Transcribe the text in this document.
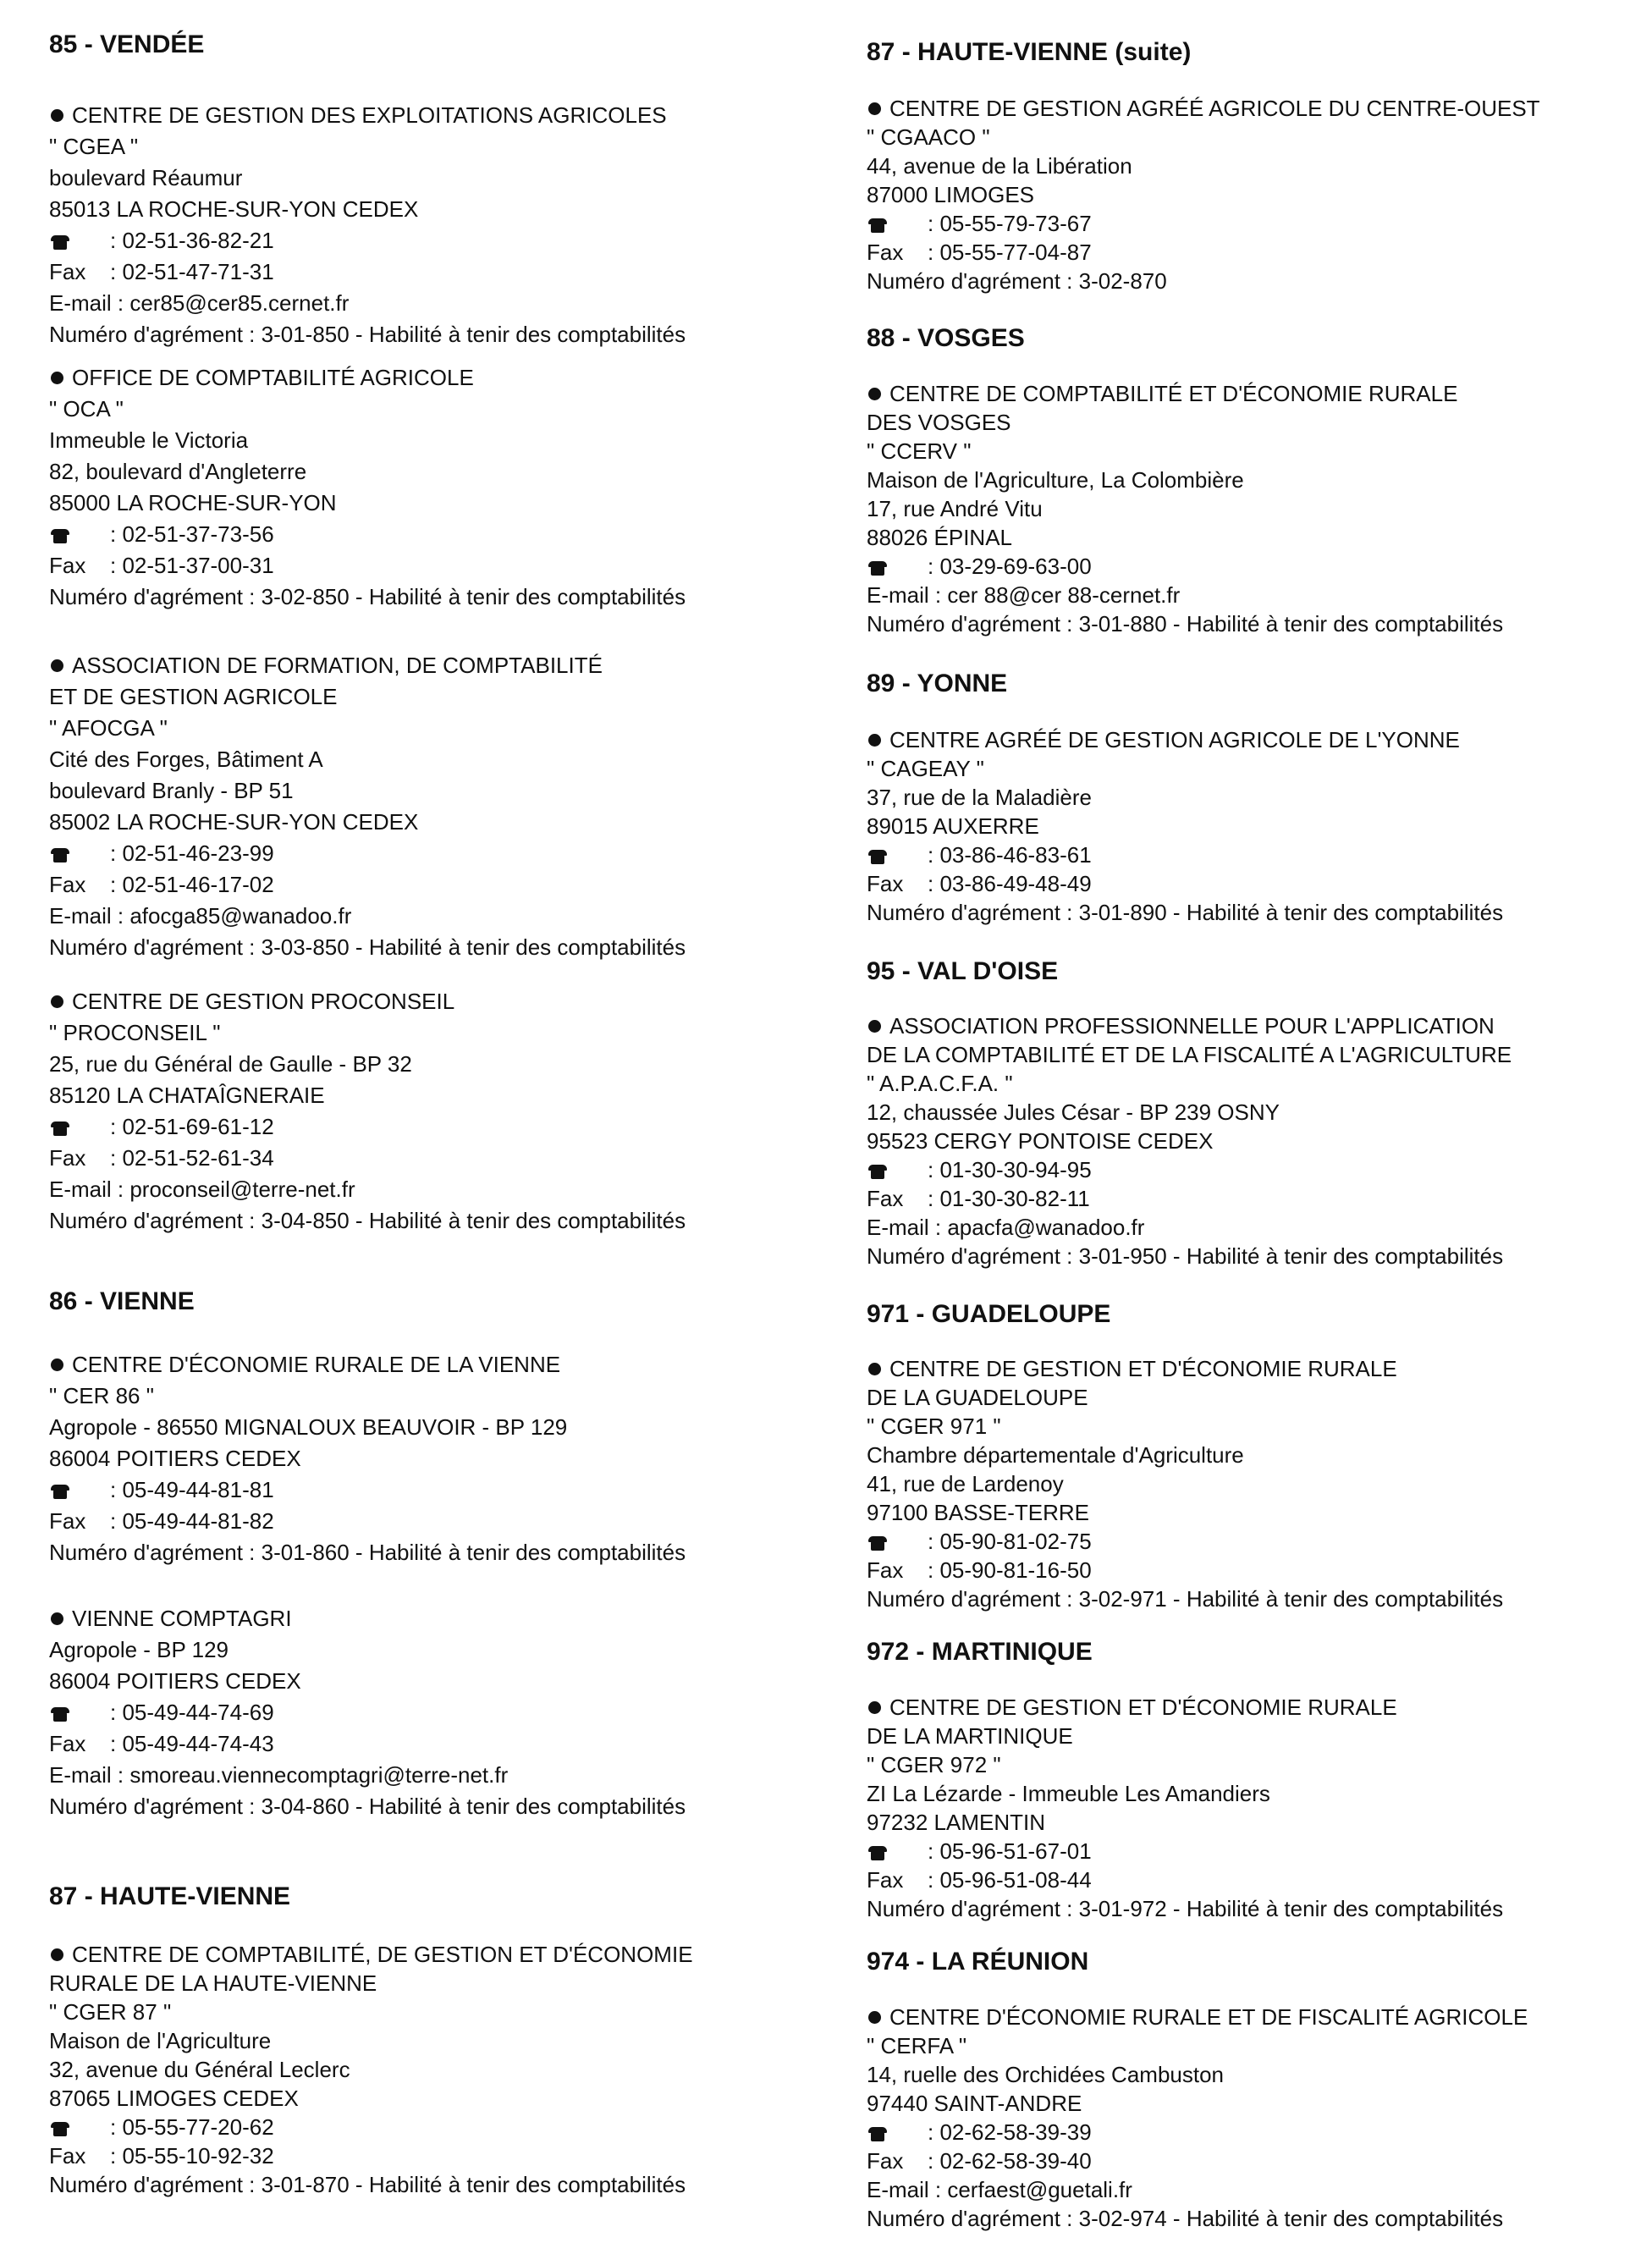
85 - VENDÉE
CENTRE DE GESTION DES EXPLOITATIONS AGRICOLES
" CGEA "
boulevard Réaumur
85013 LA ROCHE-SUR-YON CEDEX
: 02-51-36-82-21
Fax : 02-51-47-71-31
E-mail : cer85@cer85.cernet.fr
Numéro d'agrément : 3-01-850 - Habilité à tenir des comptabilités
OFFICE DE COMPTABILITÉ AGRICOLE
" OCA "
Immeuble le Victoria
82, boulevard d'Angleterre
85000 LA ROCHE-SUR-YON
: 02-51-37-73-56
Fax : 02-51-37-00-31
Numéro d'agrément : 3-02-850 - Habilité à tenir des comptabilités
ASSOCIATION DE FORMATION, DE COMPTABILITÉ
ET DE GESTION AGRICOLE
" AFOCGA "
Cité des Forges, Bâtiment A
boulevard Branly - BP 51
85002 LA ROCHE-SUR-YON CEDEX
: 02-51-46-23-99
Fax : 02-51-46-17-02
E-mail : afocga85@wanadoo.fr
Numéro d'agrément : 3-03-850 - Habilité à tenir des comptabilités
CENTRE DE GESTION PROCONSEIL
" PROCONSEIL "
25, rue du Général de Gaulle - BP 32
85120 LA CHATAÎGNERAIE
: 02-51-69-61-12
Fax : 02-51-52-61-34
E-mail : proconseil@terre-net.fr
Numéro d'agrément : 3-04-850 - Habilité à tenir des comptabilités
86 - VIENNE
CENTRE D'ÉCONOMIE RURALE DE LA VIENNE
" CER 86 "
Agropole - 86550 MIGNALOUX BEAUVOIR - BP 129
86004 POITIERS CEDEX
: 05-49-44-81-81
Fax : 05-49-44-81-82
Numéro d'agrément : 3-01-860 - Habilité à tenir des comptabilités
VIENNE COMPTAGRI
Agropole - BP 129
86004 POITIERS CEDEX
: 05-49-44-74-69
Fax : 05-49-44-74-43
E-mail : smoreau.viennecomptagri@terre-net.fr
Numéro d'agrément : 3-04-860 - Habilité à tenir des comptabilités
87 - HAUTE-VIENNE
CENTRE DE COMPTABILITÉ, DE GESTION ET D'ÉCONOMIE
RURALE DE LA HAUTE-VIENNE
" CGER 87 "
Maison de l'Agriculture
32, avenue du Général Leclerc
87065 LIMOGES CEDEX
: 05-55-77-20-62
Fax : 05-55-10-92-32
Numéro d'agrément : 3-01-870 - Habilité à tenir des comptabilités
87 - HAUTE-VIENNE (suite)
CENTRE DE GESTION AGRÉÉ AGRICOLE DU CENTRE-OUEST
" CGAACO "
44, avenue de la Libération
87000 LIMOGES
: 05-55-79-73-67
Fax : 05-55-77-04-87
Numéro d'agrément : 3-02-870
88 - VOSGES
CENTRE DE COMPTABILITÉ ET D'ÉCONOMIE RURALE
DES VOSGES
" CCERV "
Maison de l'Agriculture, La Colombière
17, rue André Vitu
88026 ÉPINAL
: 03-29-69-63-00
E-mail : cer 88@cer 88-cernet.fr
Numéro d'agrément : 3-01-880 - Habilité à tenir des comptabilités
89 - YONNE
CENTRE AGRÉÉ DE GESTION AGRICOLE DE L'YONNE
" CAGEAY "
37, rue de la Maladière
89015 AUXERRE
: 03-86-46-83-61
Fax : 03-86-49-48-49
Numéro d'agrément : 3-01-890 - Habilité à tenir des comptabilités
95 - VAL D'OISE
ASSOCIATION PROFESSIONNELLE POUR L'APPLICATION
DE LA COMPTABILITÉ ET DE LA FISCALITÉ A L'AGRICULTURE
" A.P.A.C.F.A. "
12, chaussée Jules César - BP 239 OSNY
95523 CERGY PONTOISE CEDEX
: 01-30-30-94-95
Fax : 01-30-30-82-11
E-mail : apacfa@wanadoo.fr
Numéro d'agrément : 3-01-950 - Habilité à tenir des comptabilités
971 - GUADELOUPE
CENTRE DE GESTION ET D'ÉCONOMIE RURALE
DE LA GUADELOUPE
" CGER 971 "
Chambre départementale d'Agriculture
41, rue de Lardenoy
97100 BASSE-TERRE
: 05-90-81-02-75
Fax : 05-90-81-16-50
Numéro d'agrément : 3-02-971 - Habilité à tenir des comptabilités
972 - MARTINIQUE
CENTRE DE GESTION ET D'ÉCONOMIE RURALE
DE LA MARTINIQUE
" CGER 972 "
ZI La Lézarde - Immeuble Les Amandiers
97232 LAMENTIN
: 05-96-51-67-01
Fax : 05-96-51-08-44
Numéro d'agrément : 3-01-972 - Habilité à tenir des comptabilités
974 - LA RÉUNION
CENTRE D'ÉCONOMIE RURALE ET DE FISCALITÉ AGRICOLE
" CERFA "
14, ruelle des Orchidées Cambuston
97440 SAINT-ANDRE
: 02-62-58-39-39
Fax : 02-62-58-39-40
E-mail : cerfaest@guetali.fr
Numéro d'agrément : 3-02-974 - Habilité à tenir des comptabilités
